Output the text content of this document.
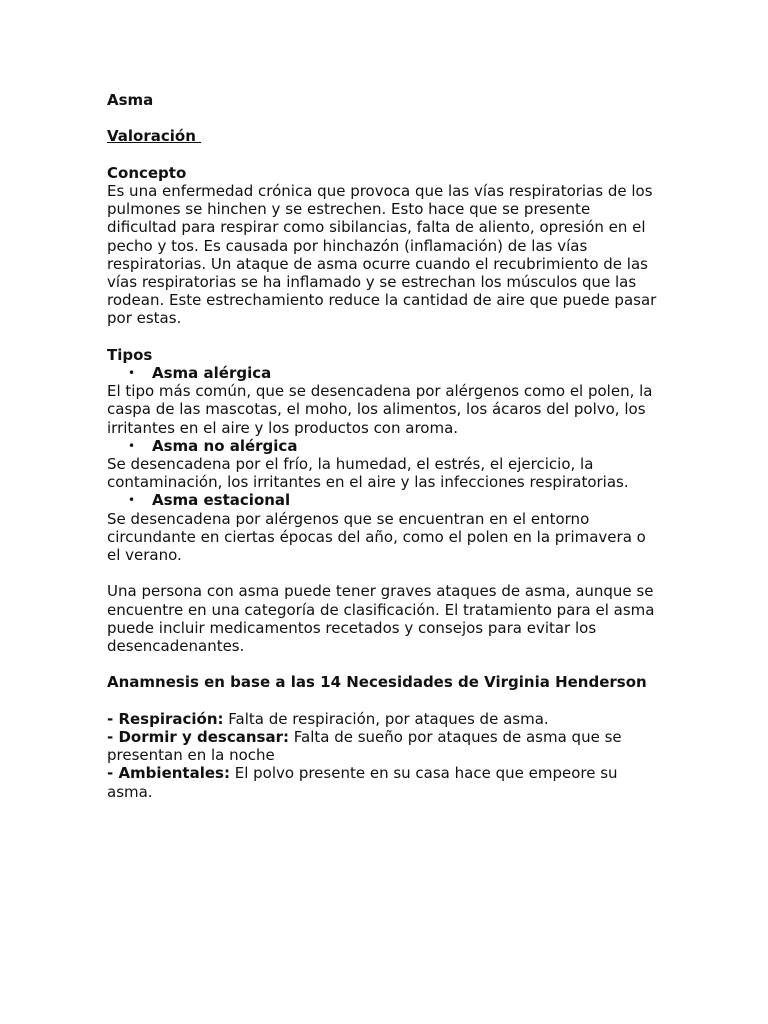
Asma
Valoración
Concepto
Es una enfermedad crónica que provoca que las vías respiratorias de los
pulmones se hinchen y se estrechen. Esto hace que se presente
dificultad para respirar como sibilancias, falta de aliento, opresión en el
pecho y tos. Es causada por hinchazón (inflamación) de las vías
respiratorias. Un ataque de asma ocurre cuando el recubrimiento de las
vías respiratorias se ha inflamado y se estrechan los músculos que las
rodean. Este estrechamiento reduce la cantidad de aire que puede pasar
por estas.
Tipos
• Asma alérgica
El tipo más común, que se desencadena por alérgenos como el polen, la
caspa de las mascotas, el moho, los alimentos, los ácaros del polvo, los
irritantes en el aire y los productos con aroma.
• Asma no alérgica
Se desencadena por el frío, la humedad, el estrés, el ejercicio, la
contaminación, los irritantes en el aire y las infecciones respiratorias.
• Asma estacional
Se desencadena por alérgenos que se encuentran en el entorno
circundante en ciertas épocas del año, como el polen en la primavera o
el verano.
Una persona con asma puede tener graves ataques de asma, aunque se
encuentre en una categoría de clasificación. El tratamiento para el asma
puede incluir medicamentos recetados y consejos para evitar los
desencadenantes.
Anamnesis en base a las 14 Necesidades de Virginia Henderson
- Respiración: Falta de respiración, por ataques de asma.
- Dormir y descansar: Falta de sueño por ataques de asma que se
presentan en la noche
- Ambientales: El polvo presente en su casa hace que empeore su
asma.
